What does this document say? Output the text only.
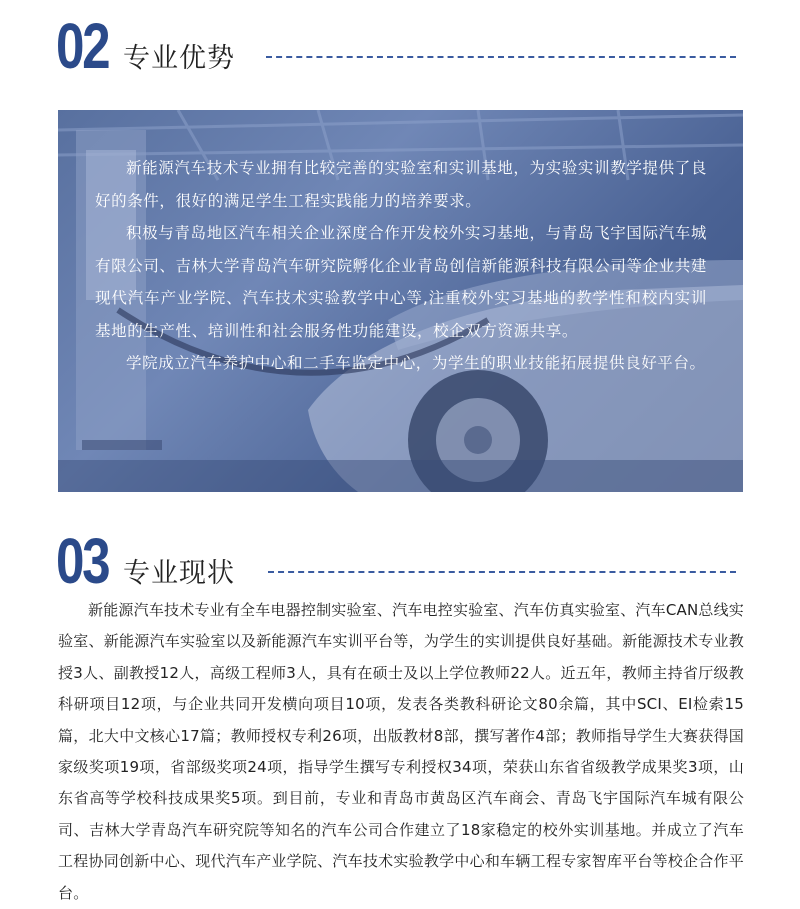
02 专业优势

新能源汽车技术专业拥有比较完善的实验室和实训基地，为实验实训教学提供了良好的条件，很好的满足学生工程实践能力的培养要求。

积极与青岛地区汽车相关企业深度合作开发校外实习基地，与青岛飞宇国际汽车城有限公司、吉林大学青岛汽车研究院孵化企业青岛创信新能源科技有限公司等企业共建现代汽车产业学院、汽车技术实验教学中心等,注重校外实习基地的教学性和校内实训基地的生产性、培训性和社会服务性功能建设，校企双方资源共享。

学院成立汽车养护中心和二手车监定中心，为学生的职业技能拓展提供良好平台。

03 专业现状

新能源汽车技术专业有全车电器控制实验室、汽车电控实验室、汽车仿真实验室、汽车CAN总线实验室、新能源汽车实验室以及新能源汽车实训平台等，为学生的实训提供良好基础。新能源技术专业教授3人、副教授12人，高级工程师3人，具有在硕士及以上学位教师22人。近五年，教师主持省厅级教科研项目12项，与企业共同开发横向项目10项，发表各类教科研论文80余篇，其中SCI、EI检索15篇，北大中文核心17篇；教师授权专利26项，出版教材8部，撰写著作4部；教师指导学生大赛获得国家级奖项19项，省部级奖项24项，指导学生撰写专利授权34项，荣获山东省省级教学成果奖3项，山东省高等学校科技成果奖5项。到目前，专业和青岛市黄岛区汽车商会、青岛飞宇国际汽车城有限公司、吉林大学青岛汽车研究院等知名的汽车公司合作建立了18家稳定的校外实训基地。并成立了汽车工程协同创新中心、现代汽车产业学院、汽车技术实验教学中心和车辆工程专家智库平台等校企合作平台。
